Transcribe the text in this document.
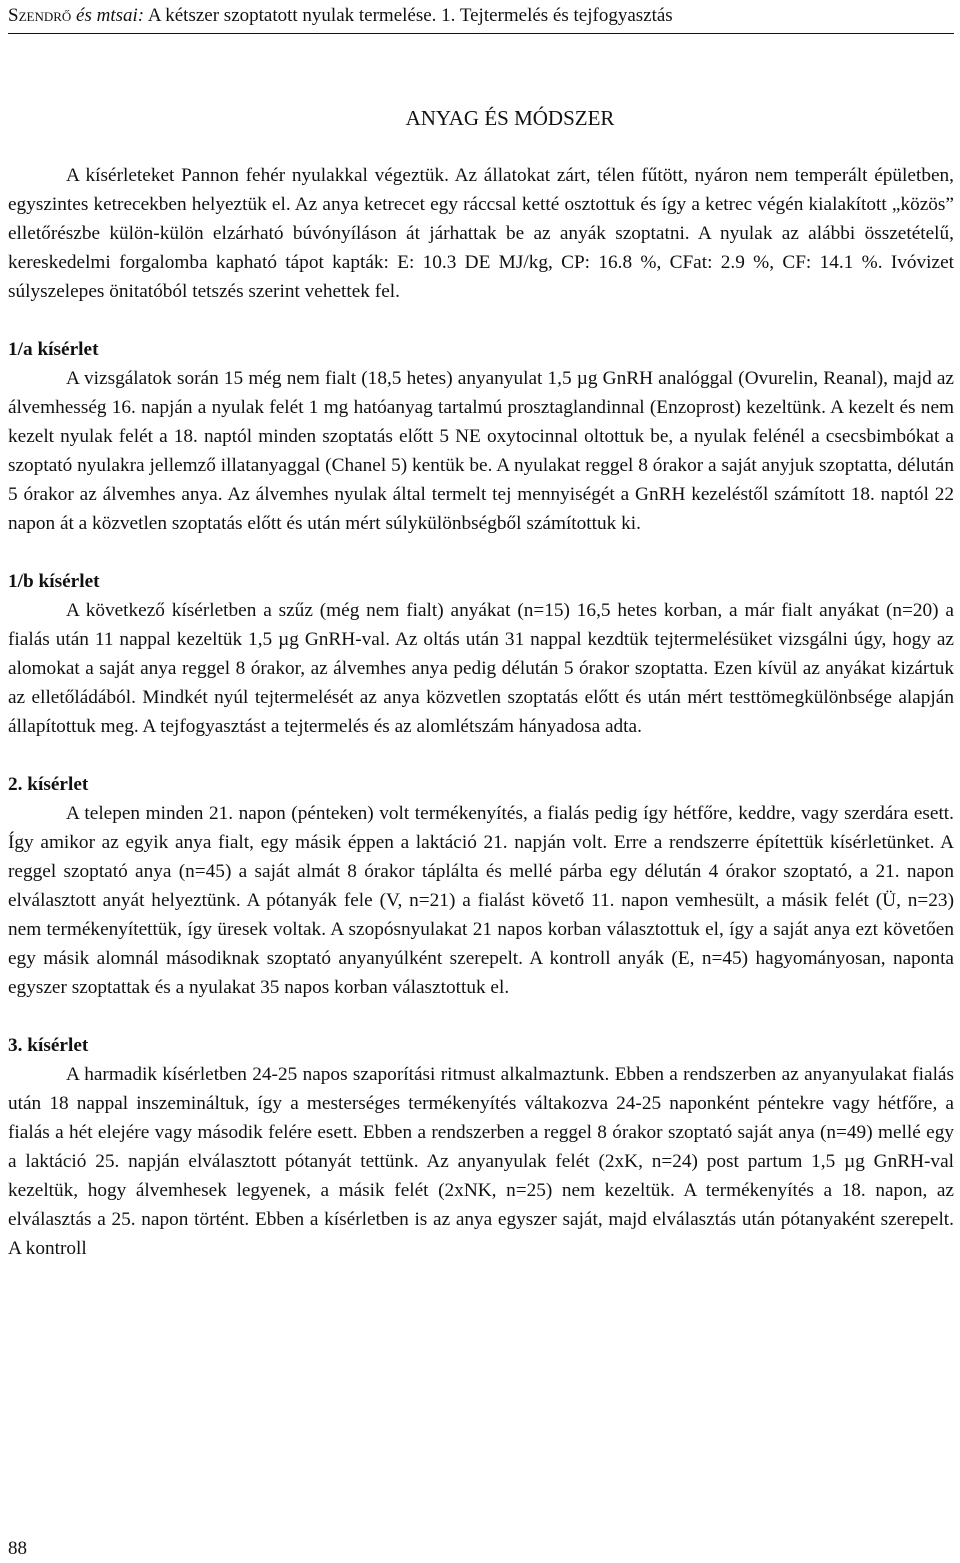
Szendrő és mtsai: A kétszer szoptatott nyulak termelése. 1. Tejtermelés és tejfogyasztás
ANYAG ÉS MÓDSZER

A kísérleteket Pannon fehér nyulakkal végeztük. Az állatokat zárt, télen fűtött, nyáron nem temperált épületben, egyszintes ketrecekben helyeztük el. Az anya ketrecet egy ráccsal ketté osztottuk és így a ketrec végén kialakított „közös” elletőrészbe külön-külön elzárható búvónyíláson át járhattak be az anyák szoptatni. A nyulak az alábbi összetételű, kereskedelmi forgalomba kapható tápot kapták: E: 10.3 DE MJ/kg, CP: 16.8 %, CFat: 2.9 %, CF: 14.1 %. Ivóvizet súlyszelepes önitatóból tetszés szerint vehettek fel.

1/a kísérlet

A vizsgálatok során 15 még nem fialt (18,5 hetes) anyanyulat 1,5 µg GnRH analóggal (Ovurelin, Reanal), majd az álvemhesség 16. napján a nyulak felét 1 mg hatóanyag tartalmú prosztaglandinnal (Enzoprost) kezeltünk. A kezelt és nem kezelt nyulak felét a 18. naptól minden szoptatás előtt 5 NE oxytocinnal oltottuk be, a nyulak felénél a csecsbimbókat a szoptató nyulakra jellemző illatanyaggal (Chanel 5) kentük be. A nyulakat reggel 8 órakor a saját anyjuk szoptatta, délután 5 órakor az álvemhes anya. Az álvemhes nyulak által termelt tej mennyiségét a GnRH kezeléstől számított 18. naptól 22 napon át a közvetlen szoptatás előtt és után mért súlykülönbségből számítottuk ki.

1/b kísérlet

A következő kísérletben a szűz (még nem fialt) anyákat (n=15) 16,5 hetes korban, a már fialt anyákat (n=20) a fialás után 11 nappal kezeltük 1,5 µg GnRH-val. Az oltás után 31 nappal kezdtük tejtermelésüket vizsgálni úgy, hogy az alomokat a saját anya reggel 8 órakor, az álvemhes anya pedig délután 5 órakor szoptatta. Ezen kívül az anyákat kizártuk az elletőládából. Mindkét nyúl tejtermelését az anya közvetlen szoptatás előtt és után mért testtömegkülönbsége alapján állapítottuk meg. A tejfogyasztást a tejtermelés és az alomlétszám hányadosa adta.

2. kísérlet

A telepen minden 21. napon (pénteken) volt termékenyítés, a fialás pedig így hétfőre, keddre, vagy szerdára esett. Így amikor az egyik anya fialt, egy másik éppen a laktáció 21. napján volt. Erre a rendszerre építettük kísérletünket. A reggel szoptató anya (n=45) a saját almát 8 órakor táplálta és mellé párba egy délután 4 órakor szoptató, a 21. napon elválasztott anyát helyeztünk. A pótanyák fele (V, n=21) a fialást követő 11. napon vemhesült, a másik felét (Ü, n=23) nem termékenyítettük, így üresek voltak. A szopósnyulakat 21 napos korban választottuk el, így a saját anya ezt követően egy másik alomnál másodiknak szoptató anyanyúlként szerepelt. A kontroll anyák (E, n=45) hagyományosan, naponta egyszer szoptattak és a nyulakat 35 napos korban választottuk el.

3. kísérlet

A harmadik kísérletben 24-25 napos szaporítási ritmust alkalmaztunk. Ebben a rendszerben az anyanyulakat fialás után 18 nappal inszemináltuk, így a mesterséges termékenyítés váltakozva 24-25 naponként péntekre vagy hétfőre, a fialás a hét elejére vagy második felére esett. Ebben a rendszerben a reggel 8 órakor szoptató saját anya (n=49) mellé egy a laktáció 25. napján elválasztott pótanyát tettünk. Az anyanyulak felét (2xK, n=24) post partum 1,5 µg GnRH-val kezeltük, hogy álvemhesek legyenek, a másik felét (2xNK, n=25) nem kezeltük. A termékenyítés a 18. napon, az elválasztás a 25. napon történt. Ebben a kísérletben is az anya egyszer saját, majd elválasztás után pótanyaként szerepelt. A kontroll

88
